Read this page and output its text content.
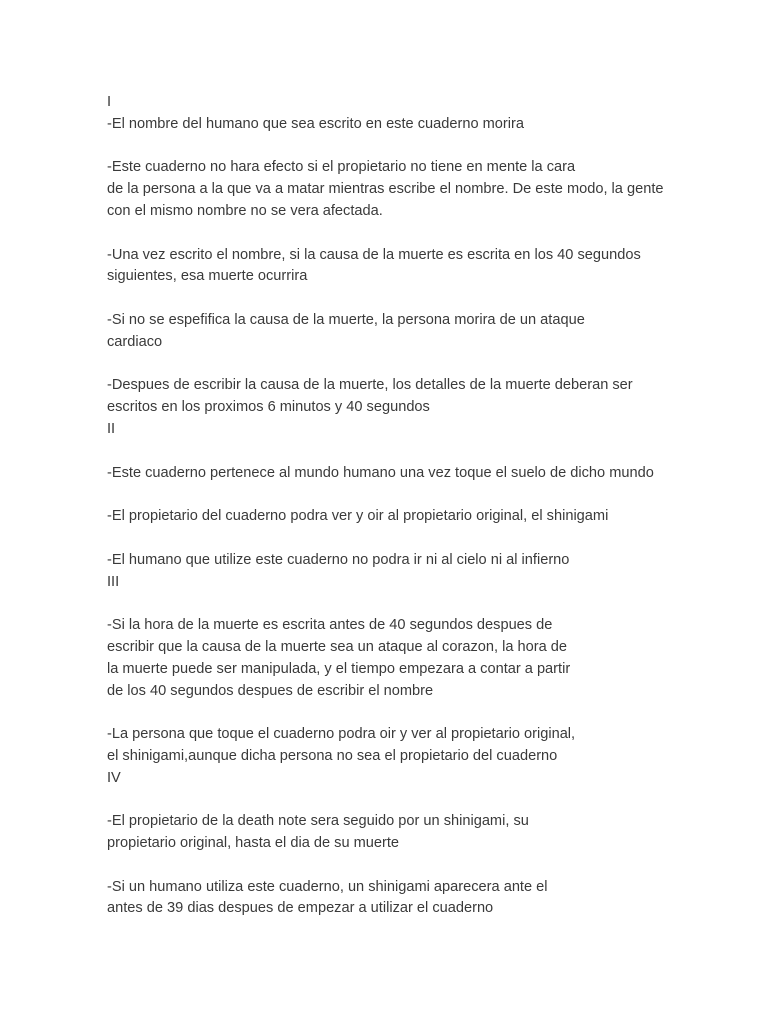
I
-El nombre del humano que sea escrito en este cuaderno morira
-Este cuaderno no hara efecto si el propietario no tiene en mente la cara
de la persona a la que va a matar mientras escribe el nombre. De este modo, la gente
con el mismo nombre no se vera afectada.
-Una vez escrito el nombre, si la causa de la muerte es escrita en los 40 segundos
siguientes, esa muerte ocurrira
-Si no se espefifica la causa de la muerte, la persona morira de un ataque
cardiaco
-Despues de escribir la causa de la muerte, los detalles de la muerte deberan ser
escritos en los proximos 6 minutos y 40 segundos
II
-Este cuaderno pertenece al mundo humano una vez toque el suelo de dicho mundo
-El propietario del cuaderno podra ver y oir al propietario original, el shinigami
-El humano que utilize este cuaderno no podra ir ni al cielo ni al infierno
III
-Si la hora de la muerte es escrita antes de 40 segundos despues de
escribir que la causa de la muerte sea un ataque al corazon, la hora de
la muerte puede ser manipulada, y el tiempo empezara a contar a partir
de los 40 segundos despues de escribir el nombre
-La persona que toque el cuaderno podra oir y ver al propietario original,
el shinigami,aunque dicha persona no sea el propietario del cuaderno
IV
-El propietario de la death note sera seguido por un shinigami, su
propietario original, hasta el dia de su muerte
-Si un humano utiliza este cuaderno, un shinigami aparecera ante el
antes de 39 dias despues de empezar a utilizar el cuaderno
